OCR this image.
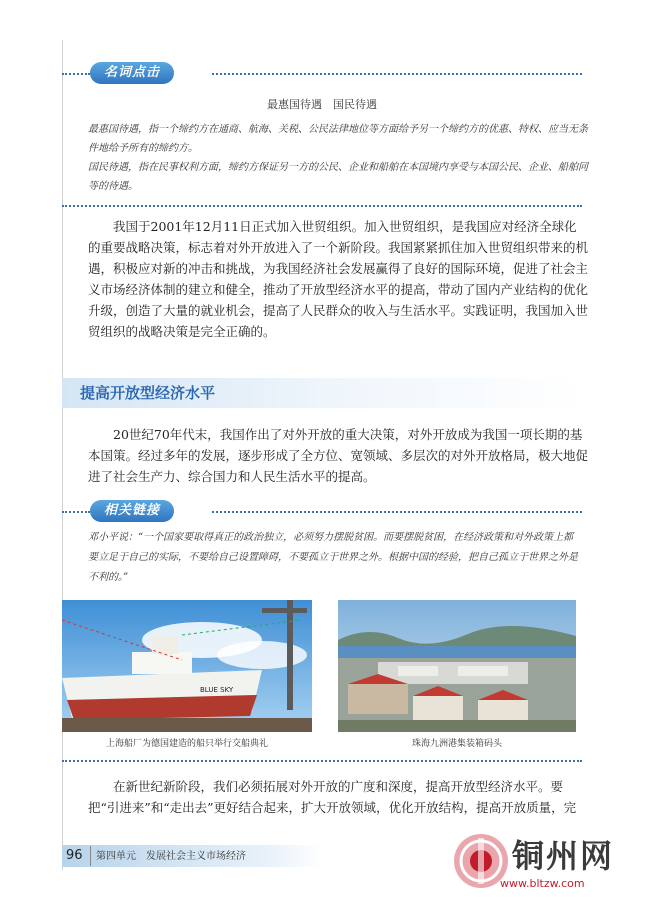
名词点击
最惠国待遇　国民待遇
最惠国待遇，指一个缔约方在通商、航海、关税、公民法律地位等方面给予另一个缔约方的优惠、特权、应当无条件地给予所有的缔约方。
国民待遇，指在民事权利方面，缔约方保证另一方的公民、企业和船舶在本国境内享受与本国公民、企业、船舶同等的待遇。
我国于2001年12月11日正式加入世贸组织。加入世贸组织，是我国应对经济全球化的重要战略决策，标志着对外开放进入了一个新阶段。我国紧紧抓住加入世贸组织带来的机遇，积极应对新的冲击和挑战，为我国经济社会发展赢得了良好的国际环境，促进了社会主义市场经济体制的建立和健全，推动了开放型经济水平的提高，带动了国内产业结构的优化升级，创造了大量的就业机会，提高了人民群众的收入与生活水平。实践证明，我国加入世贸组织的战略决策是完全正确的。
提高开放型经济水平
20世纪70年代末，我国作出了对外开放的重大决策，对外开放成为我国一项长期的基本国策。经过多年的发展，逐步形成了全方位、宽领域、多层次的对外开放格局，极大地促进了社会生产力、综合国力和人民生活水平的提高。
相关链接
邓小平说：“一个国家要取得真正的政治独立，必须努力摆脱贫困。而要摆脱贫困，在经济政策和对外政策上都要立足于自己的实际，不要给自己设置障碍，不要孤立于世界之外。根据中国的经验，把自己孤立于世界之外是不利的。”
BLUE SKY
上海船厂为德国建造的船只举行交船典礼	珠海九洲港集装箱码头
在新世纪新阶段，我们必须拓展对外开放的广度和深度，提高开放型经济水平。要把“引进来”和“走出去”更好结合起来，扩大开放领域，优化开放结构，提高开放质量，完
96 第四单元　发展社会主义市场经济	铜州网
www.bltzw.com
